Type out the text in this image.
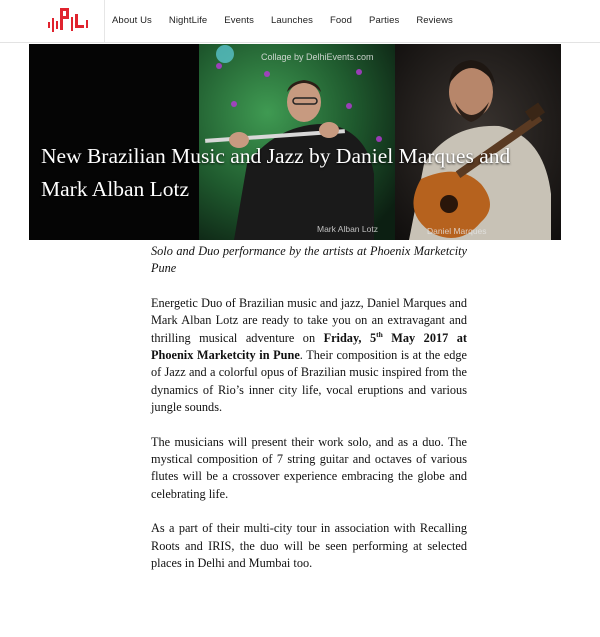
About Us NightLife Events Launches Food Parties Reviews
Collage by DelhiEvents.com
Mark Alban Lotz	Daniel Marques
New Brazilian Music and Jazz by Daniel Marques and Mark Alban Lotz

Solo and Duo performance by the artists at Phoenix Marketcity Pune

Energetic Duo of Brazilian music and jazz, Daniel Marques and Mark Alban Lotz are ready to take you on an extravagant and thrilling musical adventure on Friday, 5th May 2017 at Phoenix Marketcity in Pune. Their composition is at the edge of Jazz and a colorful opus of Brazilian music inspired from the dynamics of Rio’s inner city life, vocal eruptions and various jungle sounds.

The musicians will present their work solo, and as a duo. The mystical composition of 7 string guitar and octaves of various flutes will be a crossover experience embracing the globe and celebrating life.

As a part of their multi-city tour in association with Recalling Roots and IRIS, the duo will be seen performing at selected places in Delhi and Mumbai too.
